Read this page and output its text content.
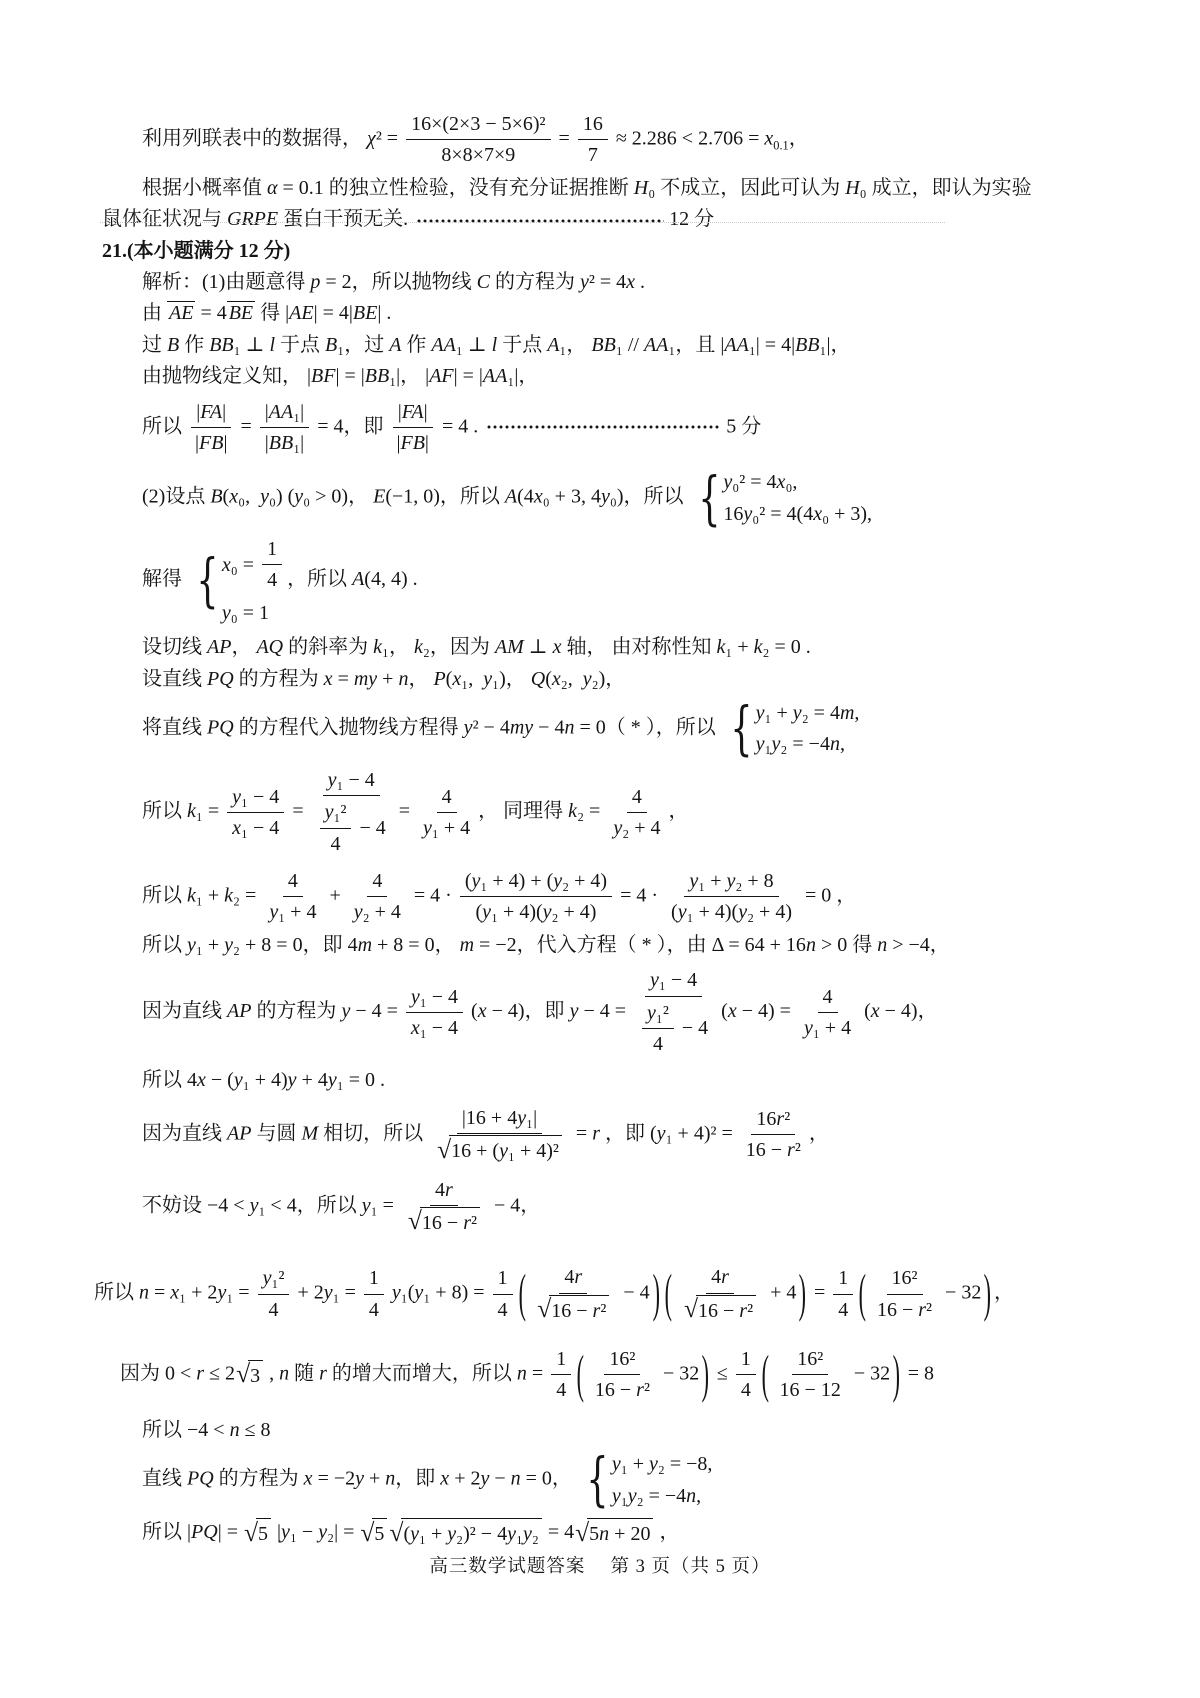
利用列联表中的数据得， $\chi^2 = \frac{\text{16×(2×3 − 5×6)²}}{8\times 8\times 7\times 9} = \frac{16}{7} \approx 2.286 < 2.706 = x_{0.1}$，
根据小概率值 α = 0.1 的独立性检验，没有充分证据推断 H₀ 不成立，因此可认为 H₀ 成立，即认为实验
鼠体征状况与 GRPE 蛋白干预无关.	12 分
21.(本小题满分 12 分)
解析：(1)由题意得 p = 2，所以抛物线 C 的方程为 y² = 4x .
由 AE = 4 BE 得 |AE| = 4|BE| .
过 B 作 BB₁ ⊥ l 于点 B₁，过 A 作 AA₁ ⊥ l 于点 A₁， BB₁ // AA₁，且 |AA₁| = 4|BB₁|，
由抛物线定义知， |BF| = |BB₁|， |AF| = |AA₁|，
所以 $\frac{|FA|}{|FB|} = \frac{\text{|AA₁|}}{\text{|BB₁|}} = 4$，即 $\frac{|FA|}{|FB|} = 4$ .	5 分
(2)设点 B(x₀,  y₀) (y₀ > 0)， E(−1, 0)，所以 A(4x₀ + 3, 4y₀)，所以 { y₀² = 4x₀,
16y₀² = 4(4x₀ + 3),
解得 { $x_0 = \frac{1}{4}$
y₀ = 1
，所以 A(4, 4) .
设切线 AP， AQ 的斜率为 k₁， k₂，因为 AM ⊥ x 轴， 由对称性知 k₁ + k₂ = 0 .
设直线 PQ 的方程为 x = my + n， P(x₁,  y₁)， Q(x₂,  y₂)，
将直线 PQ 的方程代入抛物线方程得 y² − 4my − 4n = 0（ * ），所以 { y₁ + y₂ = 4m,
y₁y₂ = −4n,
所以 $k_1 = \frac{\text{y₁ − 4}}{\text{x₁ − 4}} = \frac{\text{y₁ − 4}}{\frac{\text{y₁²}}{4} - 4} = \frac{4}{\text{y₁ + 4}}$ ， 同理得 $k_2 = \frac{4}{\text{y₂ + 4}}$ ，
所以 $k_1 + k_2 = \frac{4}{\text{y₁ + 4}} + \frac{4}{\text{y₂ + 4}} = 4 \cdot \frac{\text{(y₁ + 4) + (y₂ + 4)}}{\text{(y₁ + 4)(y₂ + 4)}} = 4 \cdot \frac{\text{y₁ + y₂ + 8}}{\text{(y₁ + 4)(y₂ + 4)}} = 0$ ，
所以 y₁ + y₂ + 8 = 0，即 4m + 8 = 0， m = −2，代入方程（ * ），由 Δ = 64 + 16n > 0 得 n > −4，
因为直线 AP 的方程为 $y - 4 = \frac{\text{y₁ − 4}}{\text{x₁ − 4}} (x - 4)$，即 $y - 4 = \frac{\text{y₁ − 4}}{\frac{\text{y₁²}}{4} - 4} (x - 4) = \frac{4}{\text{y₁ + 4}} (x - 4)$，
所以 4x − (y₁ + 4)y + 4y₁ = 0 .
因为直线 AP 与圆 M 相切，所以 $\frac{\text{|16 + 4y₁|}}{\text{√ 16 + (y₁ + 4)²}} = r$ ，即 $(y_1 + 4)^2 = \frac{\text{16r²}}{\text{16 − r²}}$ ，
不妨设 −4 < y₁ < 4，所以 $y_1 = \frac{4r}{\text{√ 16 − r²}} - 4$，
所以 $n = x_1 + 2y_1 = \frac{\text{y₁²}}{4} + 2y_1 = \frac{1}{4} y_1(y_1 + 8) = \frac{1}{4}$ ( $\frac{4r}{\text{√ 16 − r²}} - 4$ ) ( $\frac{4r}{\text{√ 16 − r²}} + 4$ ) = $\frac{1}{4}$ ( $\frac{\text{16²}}{\text{16 − r²}} - 32$ ) ，
因为 0 < r ≤ 2 √ 3 , n 随 r 的增大而增大，所以 $n = \frac{1}{4}$ ( $\frac{\text{16²}}{\text{16 − r²}} - 32$ ) ≤ $\frac{1}{4}$ ( $\frac{\text{16²}}{16 - 12} - 32$ ) = 8
所以 −4 < n ≤ 8
直线 PQ 的方程为 x = −2y + n，即 x + 2y − n = 0， { y₁ + y₂ = −8,
y₁y₂ = −4n,
所以 |PQ| = √ 5 |y₁ − y₂| = √ 5 √ (y₁ + y₂)² − 4y₁y₂ = 4 √ 5n + 20 ，
高三数学试题答案　 第 3 页（共 5 页）
